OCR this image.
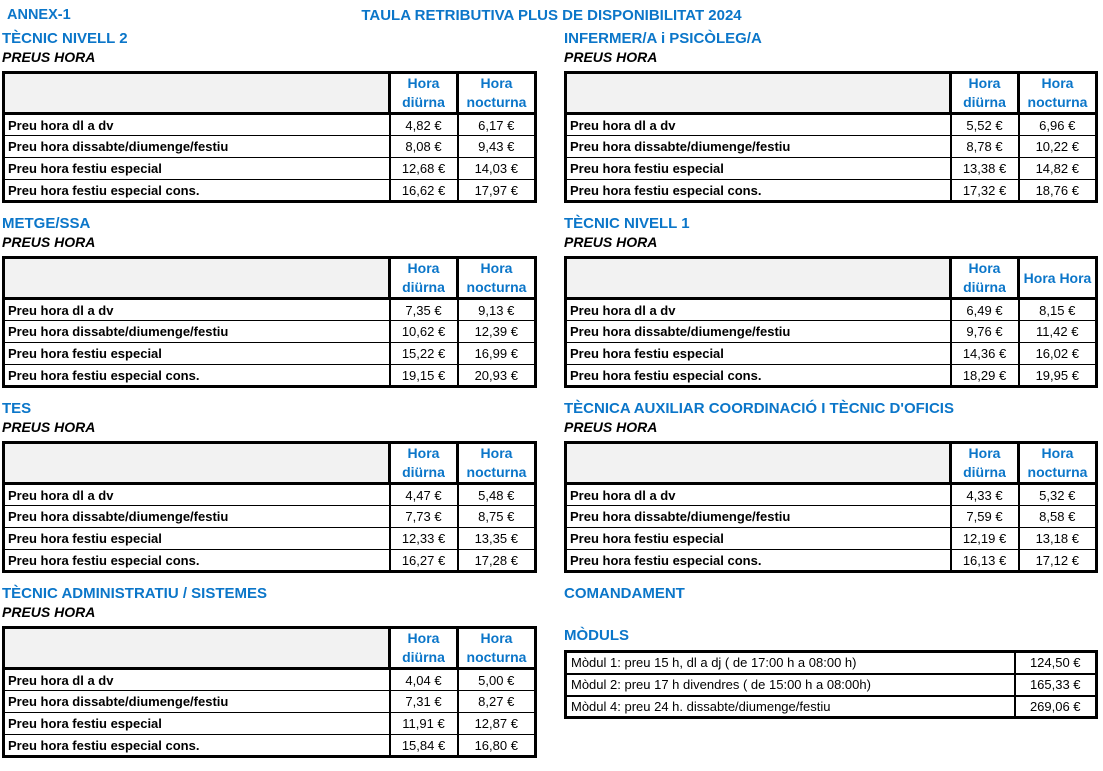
ANNEX-1	TAULA RETRIBUTIVA PLUS DE DISPONIBILITAT 2024
TÈCNIC NIVELL 2
PREUS HORA
	Hora diürna	Hora nocturna
Preu hora dl a dv	4,82 €	6,17 €
Preu hora dissabte/diumenge/festiu	8,08 €	9,43 €
Preu hora festiu especial	12,68 €	14,03 €
Preu hora festiu especial cons.	16,62 €	17,97 €
METGE/SSA
PREUS HORA
	Hora diürna	Hora nocturna
Preu hora dl a dv	7,35 €	9,13 €
Preu hora dissabte/diumenge/festiu	10,62 €	12,39 €
Preu hora festiu especial	15,22 €	16,99 €
Preu hora festiu especial cons.	19,15 €	20,93 €
TES
PREUS HORA
	Hora diürna	Hora nocturna
Preu hora dl a dv	4,47 €	5,48 €
Preu hora dissabte/diumenge/festiu	7,73 €	8,75 €
Preu hora festiu especial	12,33 €	13,35 €
Preu hora festiu especial cons.	16,27 €	17,28 €
TÈCNIC ADMINISTRATIU / SISTEMES
PREUS HORA
	Hora diürna	Hora nocturna
Preu hora dl a dv	4,04 €	5,00 €
Preu hora dissabte/diumenge/festiu	7,31 €	8,27 €
Preu hora festiu especial	11,91 €	12,87 €
Preu hora festiu especial cons.	15,84 €	16,80 €
INFERMER/A i PSICÒLEG/A
PREUS HORA
	Hora diürna	Hora nocturna
Preu hora dl a dv	5,52 €	6,96 €
Preu hora dissabte/diumenge/festiu	8,78 €	10,22 €
Preu hora festiu especial	13,38 €	14,82 €
Preu hora festiu especial cons.	17,32 €	18,76 €
TÈCNIC NIVELL 1
PREUS HORA
	Hora diürna	Hora Hora
Preu hora dl a dv	6,49 €	8,15 €
Preu hora dissabte/diumenge/festiu	9,76 €	11,42 €
Preu hora festiu especial	14,36 €	16,02 €
Preu hora festiu especial cons.	18,29 €	19,95 €
TÈCNICA AUXILIAR COORDINACIÓ I TÈCNIC D'OFICIS
PREUS HORA
	Hora diürna	Hora nocturna
Preu hora dl a dv	4,33 €	5,32 €
Preu hora dissabte/diumenge/festiu	7,59 €	8,58 €
Preu hora festiu especial	12,19 €	13,18 €
Preu hora festiu especial cons.	16,13 €	17,12 €
COMANDAMENT
MÒDULS
Mòdul 1: preu 15 h, dl a dj ( de 17:00 h a 08:00 h)	124,50 €
Mòdul 2: preu 17 h divendres ( de 15:00 h a 08:00h)	165,33 €
Mòdul 4: preu 24 h. dissabte/diumenge/festiu	269,06 €
